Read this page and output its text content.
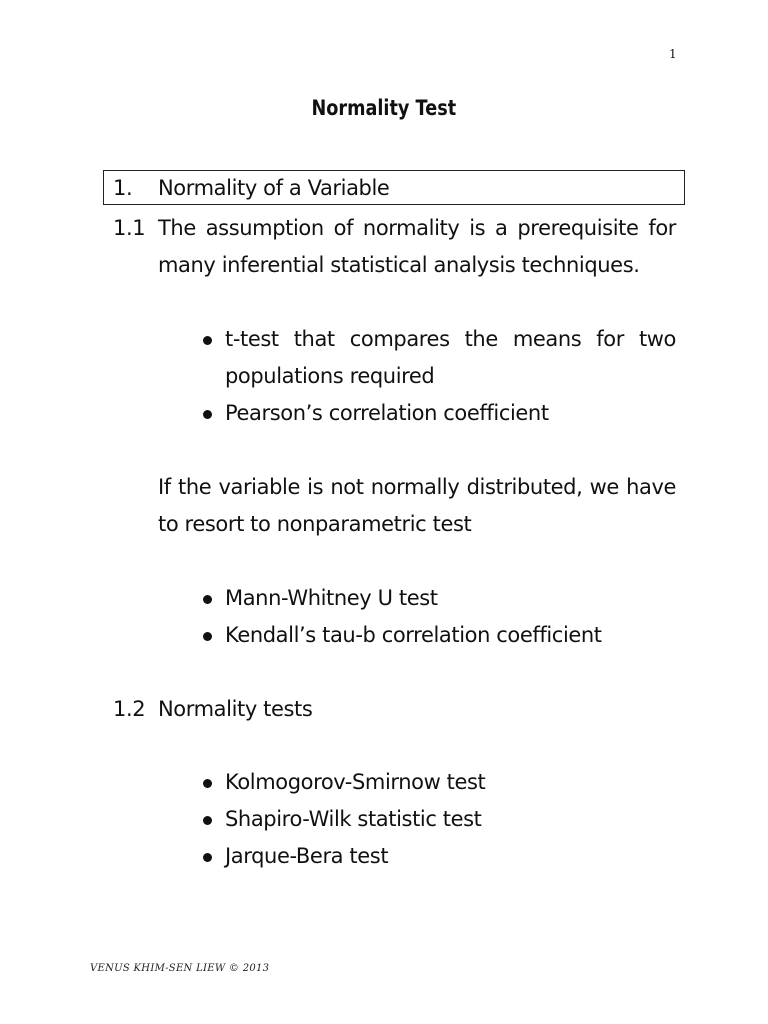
1
Normality Test
1. Normality of a Variable
1.1 The assumption of normality is a prerequisite for many inferential statistical analysis techniques.
t-test that compares the means for two populations required
Pearson’s correlation coefficient
If the variable is not normally distributed, we have to resort to nonparametric test
Mann-Whitney U test
Kendall’s tau-b correlation coefficient
1.2 Normality tests
Kolmogorov-Smirnow test
Shapiro-Wilk statistic test
Jarque-Bera test
VENUS KHIM-SEN LIEW © 2013
